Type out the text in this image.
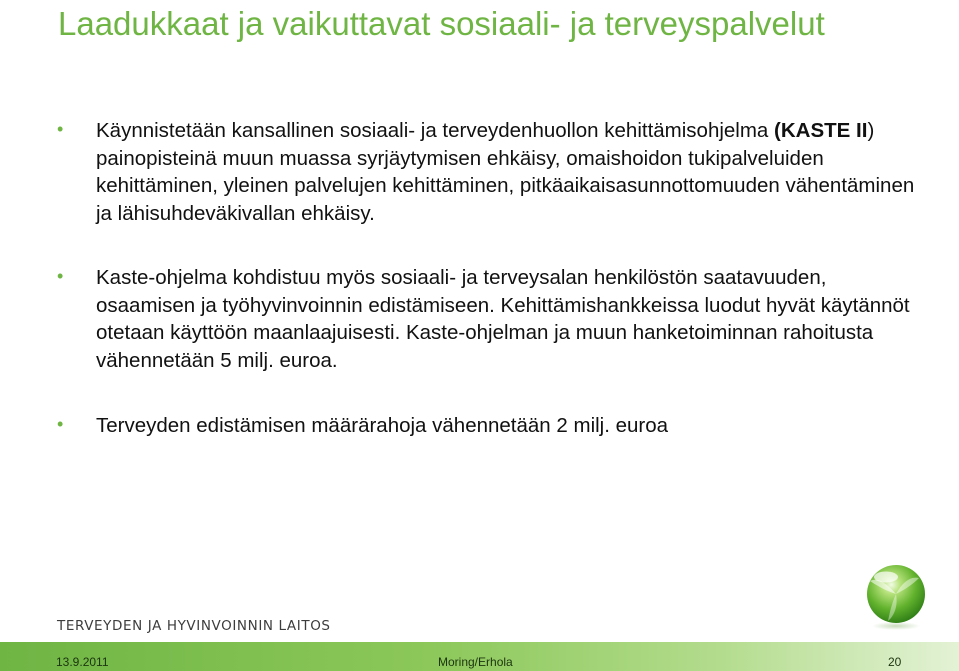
Laadukkaat ja vaikuttavat sosiaali- ja terveyspalvelut
• Käynnistetään kansallinen sosiaali- ja terveydenhuollon kehittämisohjelma (KASTE II) painopisteinä muun muassa syrjäytymisen ehkäisy, omaishoidon tukipalveluiden kehittäminen, yleinen palvelujen kehittäminen, pitkäaikaisasunnottomuuden vähentäminen ja lähisuhdeväkivallan ehkäisy.
• Kaste-ohjelma kohdistuu myös sosiaali- ja terveysalan henkilöstön saatavuuden, osaamisen ja työhyvinvoinnin edistämiseen. Kehittämishankkeissa luodut hyvät käytännöt otetaan käyttöön maanlaajuisesti. Kaste-ohjelman ja muun hanketoiminnan rahoitusta vähennetään 5 milj. euroa.
• Terveyden edistämisen määrärahoja vähennetään 2 milj. euroa
TERVEYDEN JA HYVINVOINNIN LAITOS
13.9.2011	Moring/Erhola	20
